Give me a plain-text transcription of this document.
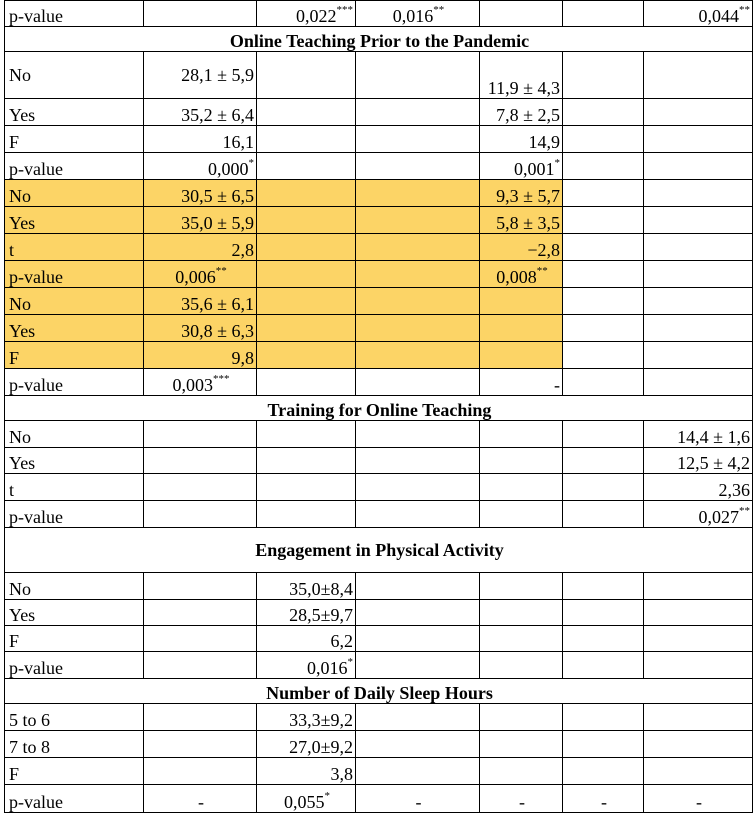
p-value		0,022***	0,016**			0,044**
Online Teaching Prior to the Pandemic						
No	28,1 ± 5,9			11,9 ± 4,3		
Yes	35,2 ± 6,4			7,8 ± 2,5		
F	16,1			14,9		
p-value	0,000*			0,001*		
No	30,5 ± 6,5			9,3 ± 5,7		
Yes	35,0 ± 5,9			5,8 ± 3,5		
t	2,8			−2,8		
p-value	0,006**			0,008**		
No	35,6 ± 6,1					
Yes	30,8 ± 6,3					
F	9,8					
p-value	0,003***			-		
Training for Online Teaching						
No						14,4 ± 1,6
Yes						12,5 ± 4,2
t						2,36
p-value						0,027**
Engagement in Physical Activity						
No		35,0±8,4				
Yes		28,5±9,7				
F		6,2				
p-value		0,016*				
Number of Daily Sleep Hours						
5 to 6		33,3±9,2				
7 to 8		27,0±9,2				
F		3,8				
p-value	-	0,055*	-	-	-	-
